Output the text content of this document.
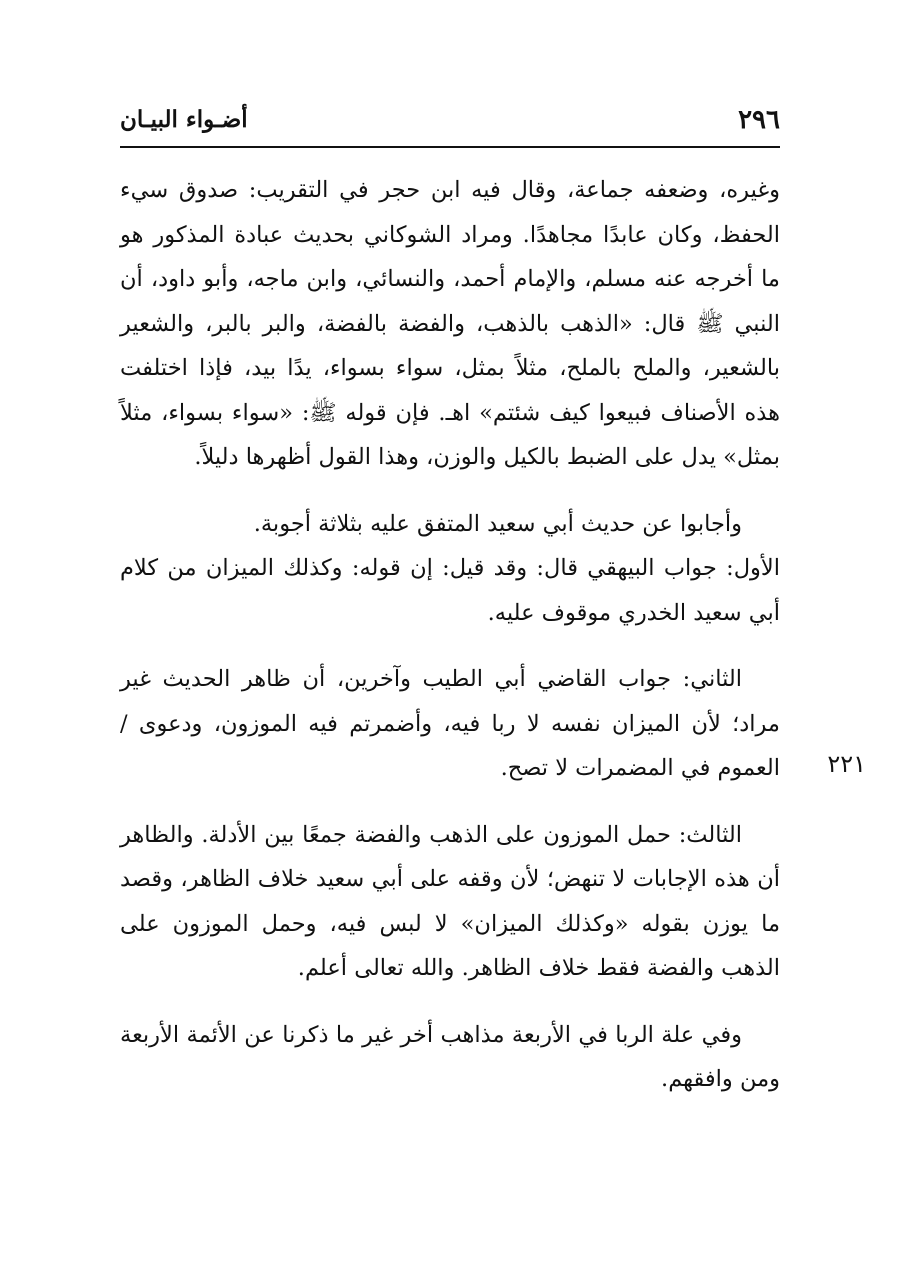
٢٩٦
أضـواء البيـان
٢٢١

وغيره، وضعفه جماعة، وقال فيه ابن حجر في التقريب: صدوق سيء الحفظ، وكان عابدًا مجاهدًا. ومراد الشوكاني بحديث عبادة المذكور هو ما أخرجه عنه مسلم، والإمام أحمد، والنسائي، وابن ماجه، وأبو داود، أن النبي ﷺ قال: «الذهب بالذهب، والفضة بالفضة، والبر بالبر، والشعير بالشعير، والملح بالملح، مثلاً بمثل، سواء بسواء، يدًا بيد، فإذا اختلفت هذه الأصناف فبيعوا كيف شئتم» اهـ. فإن قوله ﷺ: «سواء بسواء، مثلاً بمثل» يدل على الضبط بالكيل والوزن، وهذا القول أظهرها دليلاً.

وأجابوا عن حديث أبي سعيد المتفق عليه بثلاثة أجوبة.

الأول: جواب البيهقي قال: وقد قيل: إن قوله: وكذلك الميزان من كلام أبي سعيد الخدري موقوف عليه.

الثاني: جواب القاضي أبي الطيب وآخرين، أن ظاهر الحديث غير مراد؛ لأن الميزان نفسه لا ربا فيه، وأضمرتم فيه الموزون، ودعوى / العموم في المضمرات لا تصح.

الثالث: حمل الموزون على الذهب والفضة جمعًا بين الأدلة. والظاهر أن هذه الإجابات لا تنهض؛ لأن وقفه على أبي سعيد خلاف الظاهر، وقصد ما يوزن بقوله «وكذلك الميزان» لا لبس فيه، وحمل الموزون على الذهب والفضة فقط خلاف الظاهر. والله تعالى أعلم.

وفي علة الربا في الأربعة مذاهب أخر غير ما ذكرنا عن الأئمة الأربعة ومن وافقهم.
